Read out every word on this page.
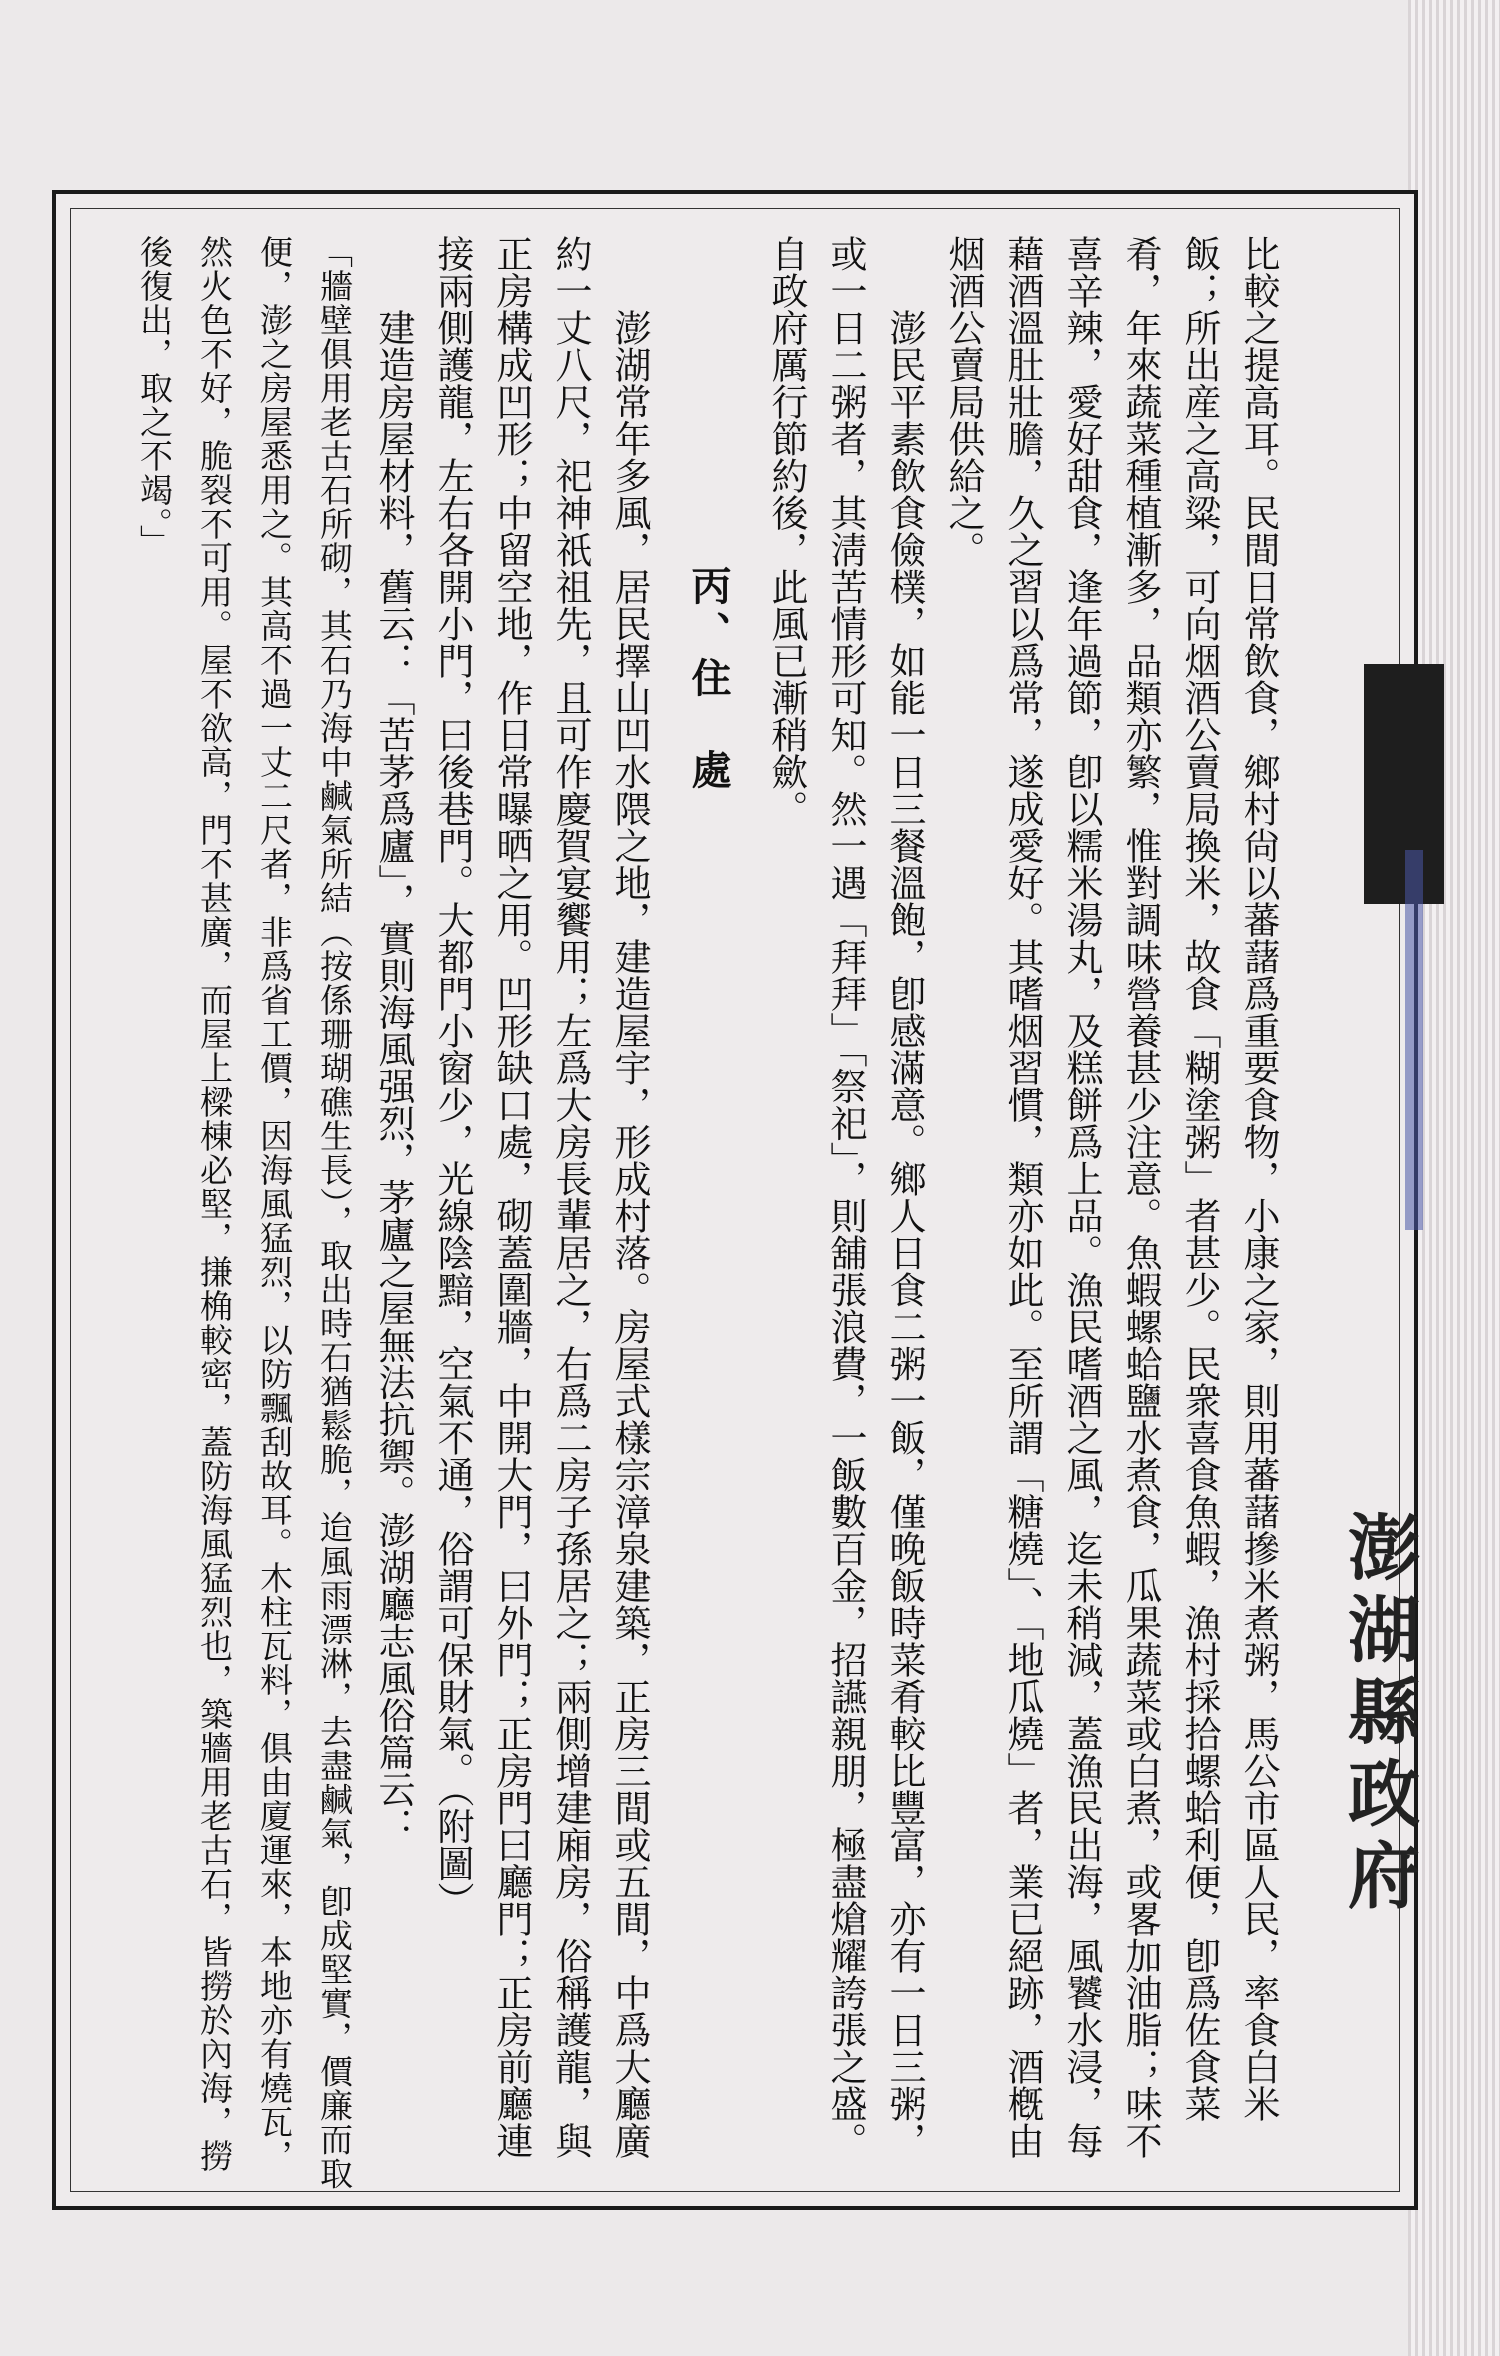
澎湖縣政府

比較之提高耳。民間日常飲食，鄉村尙以蕃藷爲重要食物，小康之家，則用蕃藷摻米煮粥，馬公市區人民，率食白米飯；所出産之高粱，可向烟酒公賣局換米，故食「糊塗粥」者甚少。民衆喜食魚蝦，漁村採拾螺蛤利便，卽爲佐食菜肴，年來蔬菜種植漸多，品類亦繁，惟對調味營養甚少注意。魚蝦螺蛤鹽水煮食，瓜果蔬菜或白煮，或畧加油脂；味不喜辛辣，愛好甜食，逢年過節，卽以糯米湯丸，及糕餅爲上品。漁民嗜酒之風，迄未稍減，蓋漁民出海，風饕水浸，每藉酒溫肚壯膽，久之習以爲常，遂成愛好。其嗜烟習慣，類亦如此。至所謂「糖燒」、「地瓜燒」者，業已絕跡，酒槪由烟酒公賣局供給之。

澎民平素飲食儉樸，如能一日三餐溫飽，卽感滿意。鄉人日食二粥一飯，僅晚飯時菜肴較比豐富，亦有一日三粥，或一日二粥者，其淸苦情形可知。然一遇「拜拜」「祭祀」，則舖張浪費，一飯數百金，招讌親朋，極盡熗耀誇張之盛。自政府厲行節約後，此風已漸稍歛。

丙、住　處

澎湖常年多風，居民擇山凹水隈之地，建造屋宇，形成村落。房屋式樣宗漳泉建築，正房三間或五間，中爲大廳廣約一丈八尺，祀神祇祖先，且可作慶賀宴饗用；左爲大房長輩居之，右爲二房子孫居之；兩側增建廂房，俗稱護龍，與正房構成凹形；中留空地，作日常曝晒之用。凹形缺口處，砌蓋圍牆，中開大門，曰外門；正房門曰廳門；正房前廳連接兩側護龍，左右各開小門，曰後巷門。大都門小窗少，光線陰黯，空氣不通，俗謂可保財氣。（附圖）

建造房屋材料，舊云：「苦茅爲廬」，實則海風强烈，茅廬之屋無法抗禦。澎湖廳志風俗篇云：

「牆壁俱用老古石所砌，其石乃海中鹹氣所結（按係珊瑚礁生長），取出時石猶鬆脆，迨風雨漂淋，去盡鹹氣，卽成堅實，價廉而取便，澎之房屋悉用之。其高不過一丈二尺者，非爲省工價，因海風猛烈，以防飄刮故耳。木柱瓦料，俱由廈運來，本地亦有燒瓦，然火色不好，脆裂不可用。屋不欲高，門不甚廣，而屋上樑棟必堅，搛桷較密，蓋防海風猛烈也，築牆用老古石，皆撈於內海，撈後復出，取之不竭。」
